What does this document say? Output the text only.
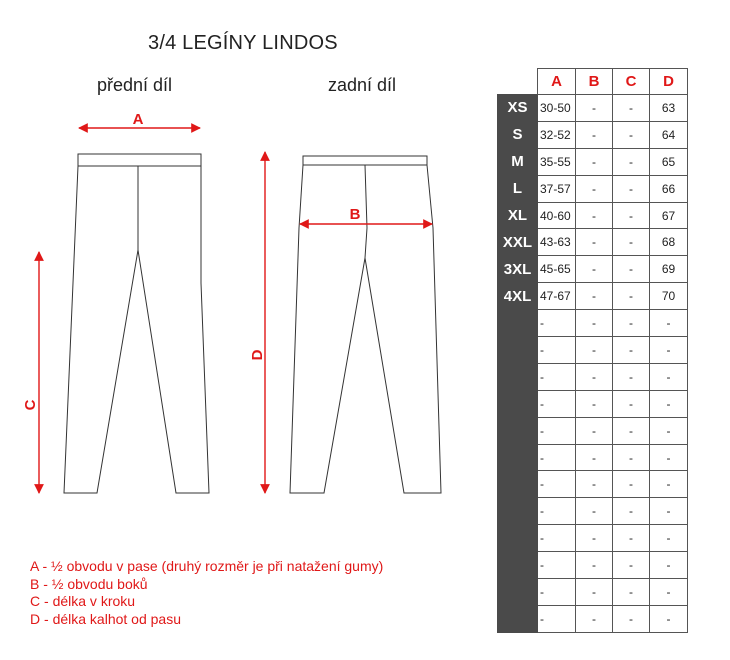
3/4 LEGÍNY LINDOS
přední díl	zadní díl
A
B
C
D
A - ½ obvodu v pase (druhý rozměr je při natažení gumy)
B - ½ obvodu boků
C - délka v kroku
D - délka kalhot od pasu
	A	B	C	D
XS	30-50	-	-	63
S	32-52	-	-	64
M	35-55	-	-	65
L	37-57	-	-	66
XL	40-60	-	-	67
XXL	43-63	-	-	68
3XL	45-65	-	-	69
4XL	47-67	-	-	70
	-	-	-	-
	-	-	-	-
	-	-	-	-
	-	-	-	-
	-	-	-	-
	-	-	-	-
	-	-	-	-
	-	-	-	-
	-	-	-	-
	-	-	-	-
	-	-	-	-
	-	-	-	-
